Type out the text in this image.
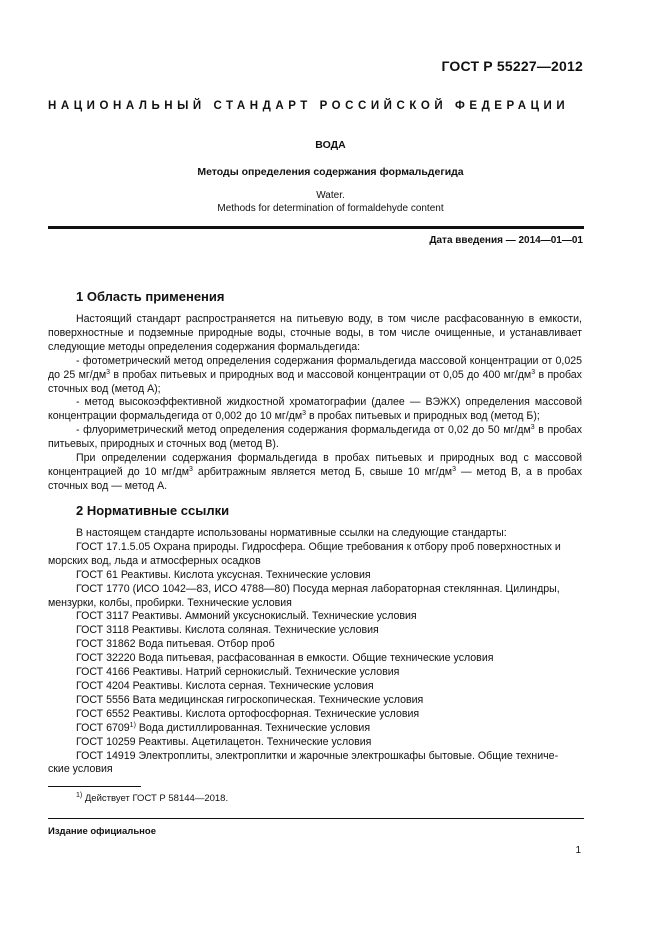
ГОСТ Р 55227—2012
НАЦИОНАЛЬНЫЙ СТАНДАРТ РОССИЙСКОЙ ФЕДЕРАЦИИ
ВОДА
Методы определения содержания формальдегида
Water.
Methods for determination of formaldehyde content
Дата введения — 2014—01—01
1 Область применения

Настоящий стандарт распространяется на питьевую воду, в том числе расфасованную в емкости, поверхностные и подземные природные воды, сточные воды, в том числе очищенные, и устанавливает следующие методы определения содержания формальдегида:

- фотометрический метод определения содержания формальдегида массовой концентрации от 0,025 до 25 $мг/дм^3$ в пробах питьевых и природных вод и массовой концентрации от 0,05 до 400 $мг/дм^3$ в пробах сточных вод (метод А);

- метод высокоэффективной жидкостной хроматографии (далее — ВЭЖХ) определения массовой концентрации формальдегида от 0,002 до 10 $мг/дм^3$ в пробах питьевых и природных вод (метод Б);

- флуориметрический метод определения содержания формальдегида от 0,02 до 50 $мг/дм^3$ в пробах питьевых, природных и сточных вод (метод В).

При определении содержания формальдегида в пробах питьевых и природных вод с массовой концентрацией до 10 $мг/дм^3$ арбитражным является метод Б, свыше 10 $мг/дм^3$ — метод В, а в пробах сточных вод — метод А.

2 Нормативные ссылки
В настоящем стандарте использованы нормативные ссылки на следующие стандарты:
ГОСТ 17.1.5.05 Охрана природы. Гидросфера. Общие требования к отбору проб поверхностных и
морских вод, льда и атмосферных осадков
ГОСТ 61 Реактивы. Кислота уксусная. Технические условия
ГОСТ 1770 (ИСО 1042—83, ИСО 4788—80) Посуда мерная лабораторная стеклянная. Цилиндры,
мензурки, колбы, пробирки. Технические условия
ГОСТ 3117 Реактивы. Аммоний уксуснокислый. Технические условия
ГОСТ 3118 Реактивы. Кислота соляная. Технические условия
ГОСТ 31862 Вода питьевая. Отбор проб
ГОСТ 32220 Вода питьевая, расфасованная в емкости. Общие технические условия
ГОСТ 4166 Реактивы. Натрий сернокислый. Технические условия
ГОСТ 4204 Реактивы. Кислота серная. Технические условия
ГОСТ 5556 Вата медицинская гигроскопическая. Технические условия
ГОСТ 6552 Реактивы. Кислота ортофосфорная. Технические условия
ГОСТ 6709$^{1)}$ Вода дистиллированная. Технические условия
ГОСТ 10259 Реактивы. Ацетилацетон. Технические условия
ГОСТ 14919 Электроплиты, электроплитки и жарочные электрошкафы бытовые. Общие техниче-
ские условия
$^{1)}$ Действует ГОСТ Р 58144—2018.
Издание официальное
1
